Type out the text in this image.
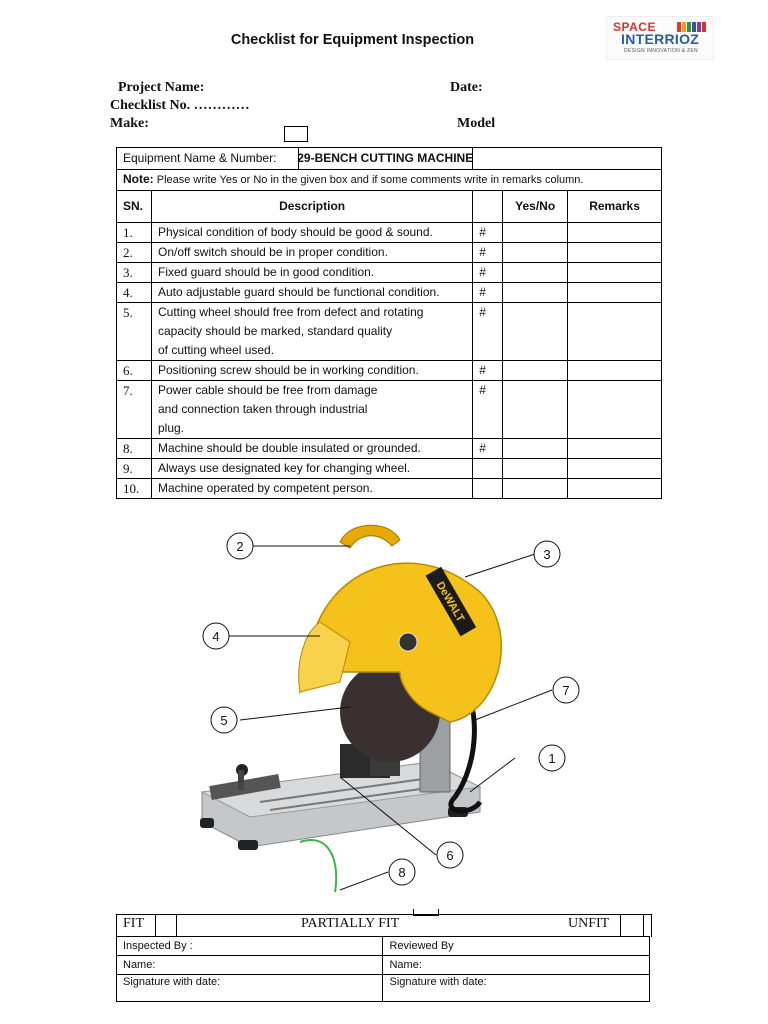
Checklist for Equipment Inspection
SPACE
INTERRIOZ
DESIGN INNOVATION & ZEN
Project Name:	Date:
Checklist No. …………
Make:	Model
Equipment Name & Number:		29-BENCH CUTTING MACHINE		
Note: Please write Yes or No in the given box and if some comments write in remarks column.				
SN.	Description		Yes/No	Remarks
1.	Physical condition of body should be good & sound.	#		
2.	On/off switch should be in proper condition.	#		
3.	Fixed guard should be in good condition.	#		
4.	Auto adjustable guard should be functional condition.	#		
5.	Cutting wheel should free from defect and rotating
capacity should be marked, standard quality
of cutting wheel used.	#		
6.	Positioning screw should be in working condition.	#		
7.	Power cable should be free from damage
and connection taken through industrial
plug.	#		
8.	Machine should be double insulated or grounded.	#		
9.	Always use designated key for changing wheel.			
10.	Machine operated by competent person.			
DeWALT
1
2
3
4
5
6
7
8
FIT	PARTIALLY FIT	UNFIT
Inspected By :	Reviewed By
Name:	Name:
Signature with date:	Signature with date:
